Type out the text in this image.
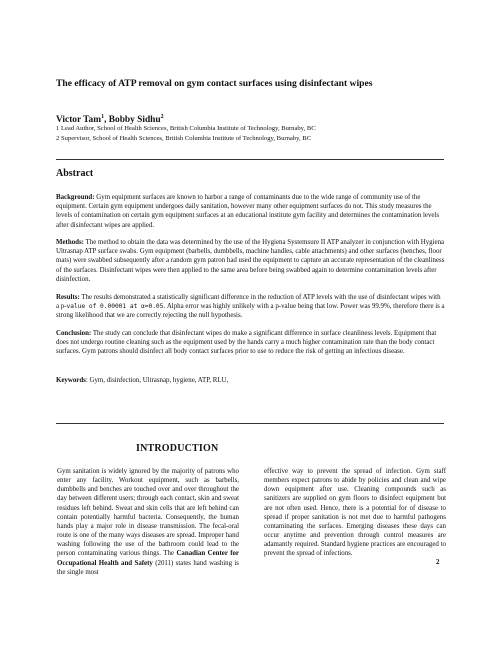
The efficacy of ATP removal on gym contact surfaces using disinfectant wipes
Victor Tam$^1$, Bobby Sidhu$^2$
1 Lead Author, School of Health Sciences, British Columbia Institute of Technology, Burnaby, BC
2 Supervisor, School of Health Sciences, British Columbia Institute of Technology, Burnaby, BC
Abstract
Background: Gym equipment surfaces are known to harbor a range of contaminants due to the wide range of community use of the equipment. Certain gym equipment undergoes daily sanitation, however many other equipment surfaces do not. This study measures the levels of contamination on certain gym equipment surfaces at an educational institute gym facility and determines the contamination levels after disinfectant wipes are applied.
Methods: The method to obtain the data was determined by the use of the Hygiena Systemsure II ATP analyzer in conjunction with Hygiena Ultrasnap ATP surface swabs. Gym equipment (barbells, dumbbells, machine handles, cable attachments) and other surfaces (benches, floor mats) were swabbed subsequently after a random gym patron had used the equipment to capture an accurate representation of the cleanliness of the surfaces. Disinfectant wipes were then applied to the same area before being swabbed again to determine contamination levels after disinfection.
Results: The results demonstrated a statistically significant difference in the reduction of ATP levels with the use of disinfectant wipes with a p-value of 0.00001 at α=0.05. Alpha error was highly unlikely with a p-value being that low. Power was 99.9%, therefore there is a strong likelihood that we are correctly rejecting the null hypothesis.
Conclusion: The study can conclude that disinfectant wipes do make a significant difference in surface cleanliness levels. Equipment that does not undergo routine cleaning such as the equipment used by the hands carry a much higher contamination rate than the body contact surfaces. Gym patrons should disinfect all body contact surfaces prior to use to reduce the risk of getting an infectious disease.
Keywords: Gym, disinfection, Ultrasnap, hygiene, ATP, RLU,
INTRODUCTION
Gym sanitation is widely ignored by the majority of patrons who enter any facility. Workout equipment, such as barbells, dumbbells and benches are touched over and over throughout the day between different users; through each contact, skin and sweat residues left behind. Sweat and skin cells that are left behind can contain potentially harmful bacteria. Consequently, the human hands play a major role in disease transmission. The fecal-oral route is one of the many ways diseases are spread. Improper hand washing following the use of the bathroom could lead to the person contaminating various things. The Canadian Center for Occupational Health and Safety (2011) states hand washing is the single most
effective way to prevent the spread of infection. Gym staff members expect patrons to abide by policies and clean and wipe down equipment after use. Cleaning compounds such as sanitizers are supplied on gym floors to disinfect equipment but are not often used. Hence, there is a potential for of disease to spread if proper sanitation is not met due to harmful pathogens contaminating the surfaces. Emerging diseases these days can occur anytime and prevention through control measures are adamantly required. Standard hygiene practices are encouraged to prevent the spread of infections.
2
